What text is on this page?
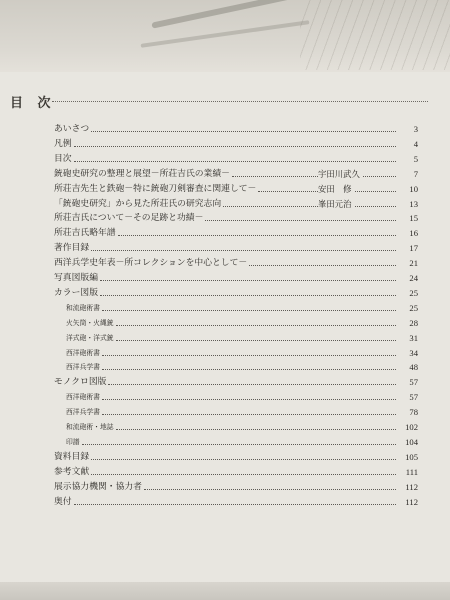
目 次
あいさつ	3
凡例	4
目次	5
銃砲史研究の整理と展望－所荘吉氏の業績－	宇田川武久	7
所荘吉先生と鉄砲－特に銃砲刀剣審査に関連して－	安田　修	10
「銃砲史研究」から見た所荘氏の研究志向	峯田元治	13
所荘吉氏について－その足跡と功績－	15
所荘吉氏略年譜	16
著作目録	17
西洋兵学史年表－所コレクションを中心として－	21
写真図版編	24
カラー図版	25
和流砲術書	25
火矢筒・火縄銃	28
洋式砲・洋式銃	31
西洋砲術書	34
西洋兵学書	48
モノクロ図版	57
西洋砲術書	57
西洋兵学書	78
和流砲術・地誌	102
印譜	104
資料目録	105
参考文献	111
展示協力機関・協力者	112
奥付	112
